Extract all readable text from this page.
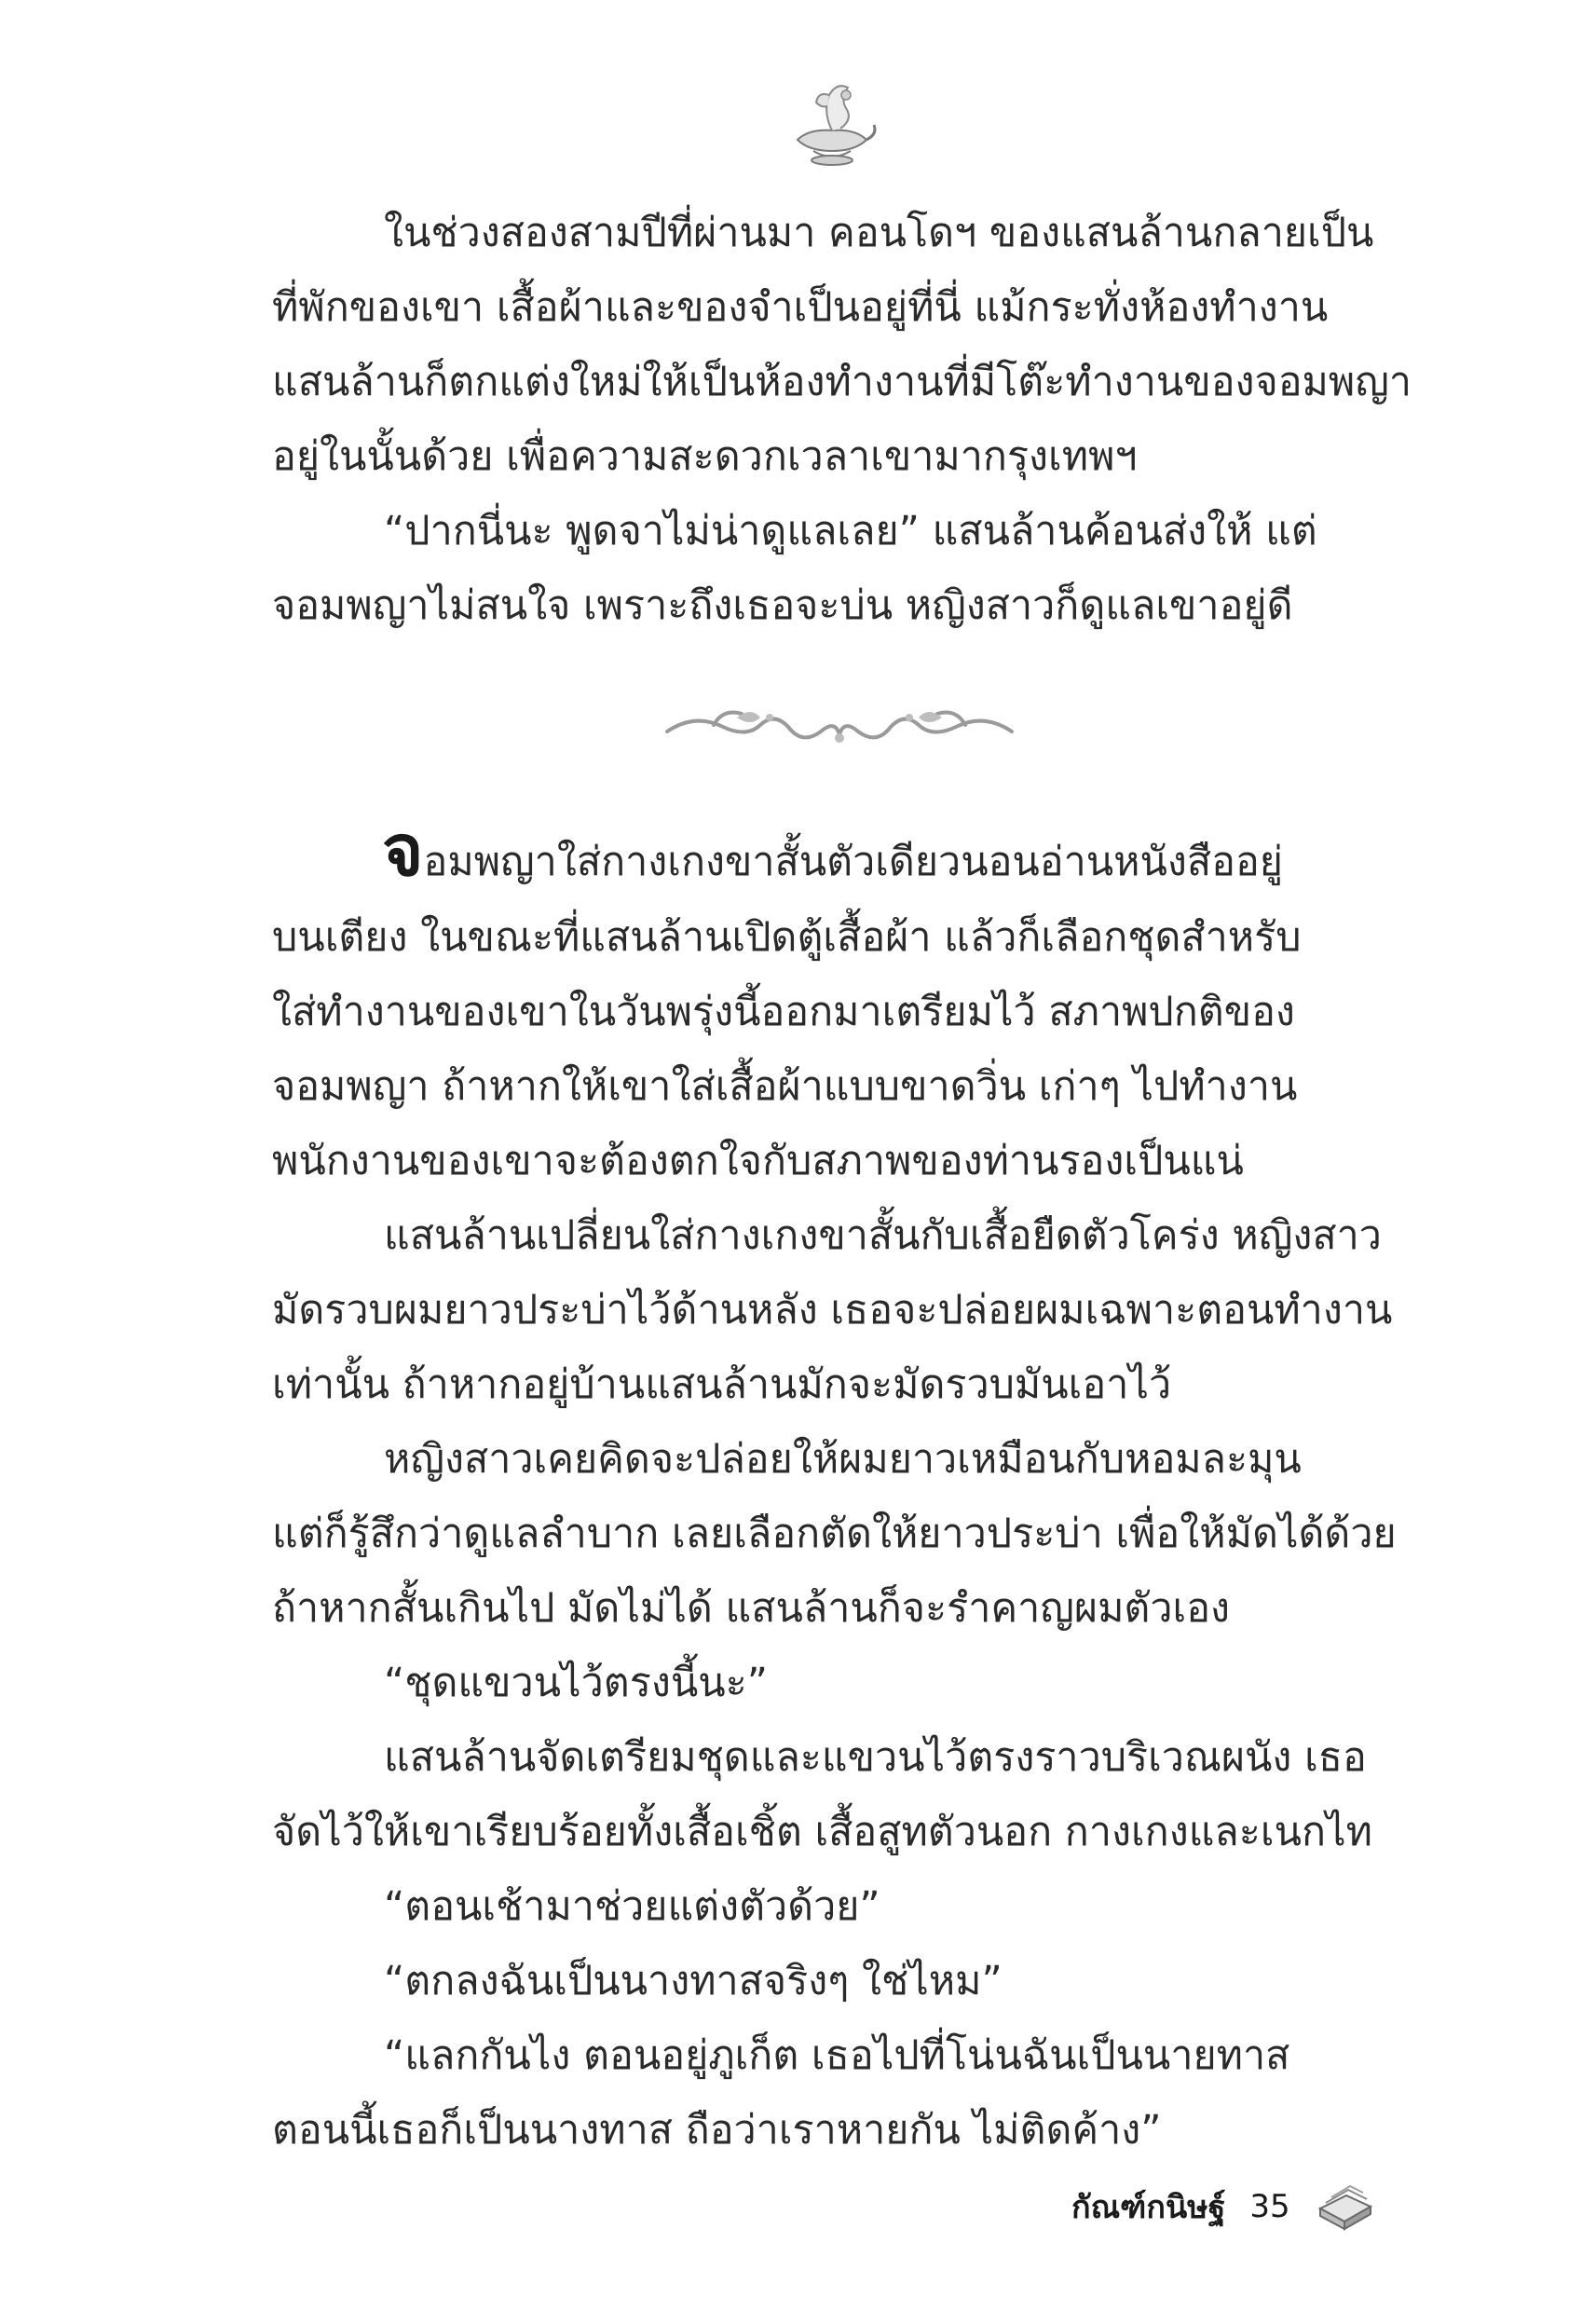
ในช่วงสองสามปีที่ผ่านมา คอนโดฯ ของแสนล้านกลายเป็น
ที่พักของเขา เสื้อผ้าและของจำเป็นอยู่ที่นี่ แม้กระทั่งห้องทำงาน
แสนล้านก็ตกแต่งใหม่ให้เป็นห้องทำงานที่มีโต๊ะทำงานของจอมพญา
อยู่ในนั้นด้วย เพื่อความสะดวกเวลาเขามากรุงเทพฯ
“ปากนี่นะ พูดจาไม่น่าดูแลเลย” แสนล้านค้อนส่งให้ แต่
จอมพญาไม่สนใจ เพราะถึงเธอจะบ่น หญิงสาวก็ดูแลเขาอยู่ดี
จอมพญาใส่กางเกงขาสั้นตัวเดียวนอนอ่านหนังสืออยู่
บนเตียง ในขณะที่แสนล้านเปิดตู้เสื้อผ้า แล้วก็เลือกชุดสำหรับ
ใส่ทำงานของเขาในวันพรุ่งนี้ออกมาเตรียมไว้ สภาพปกติของ
จอมพญา ถ้าหากให้เขาใส่เสื้อผ้าแบบขาดวิ่น เก่าๆ ไปทำงาน
พนักงานของเขาจะต้องตกใจกับสภาพของท่านรองเป็นแน่
แสนล้านเปลี่ยนใส่กางเกงขาสั้นกับเสื้อยืดตัวโคร่ง หญิงสาว
มัดรวบผมยาวประบ่าไว้ด้านหลัง เธอจะปล่อยผมเฉพาะตอนทำงาน
เท่านั้น ถ้าหากอยู่บ้านแสนล้านมักจะมัดรวบมันเอาไว้
หญิงสาวเคยคิดจะปล่อยให้ผมยาวเหมือนกับหอมละมุน
แต่ก็รู้สึกว่าดูแลลำบาก เลยเลือกตัดให้ยาวประบ่า เพื่อให้มัดได้ด้วย
ถ้าหากสั้นเกินไป มัดไม่ได้ แสนล้านก็จะรำคาญผมตัวเอง
“ชุดแขวนไว้ตรงนี้นะ”
แสนล้านจัดเตรียมชุดและแขวนไว้ตรงราวบริเวณผนัง เธอ
จัดไว้ให้เขาเรียบร้อยทั้งเสื้อเชิ้ต เสื้อสูทตัวนอก กางเกงและเนกไท
“ตอนเช้ามาช่วยแต่งตัวด้วย”
“ตกลงฉันเป็นนางทาสจริงๆ ใช่ไหม”
“แลกกันไง ตอนอยู่ภูเก็ต เธอไปที่โน่นฉันเป็นนายทาส
ตอนนี้เธอก็เป็นนางทาส ถือว่าเราหายกัน ไม่ติดค้าง”
กัณฑ์กนิษฐ์ 35
